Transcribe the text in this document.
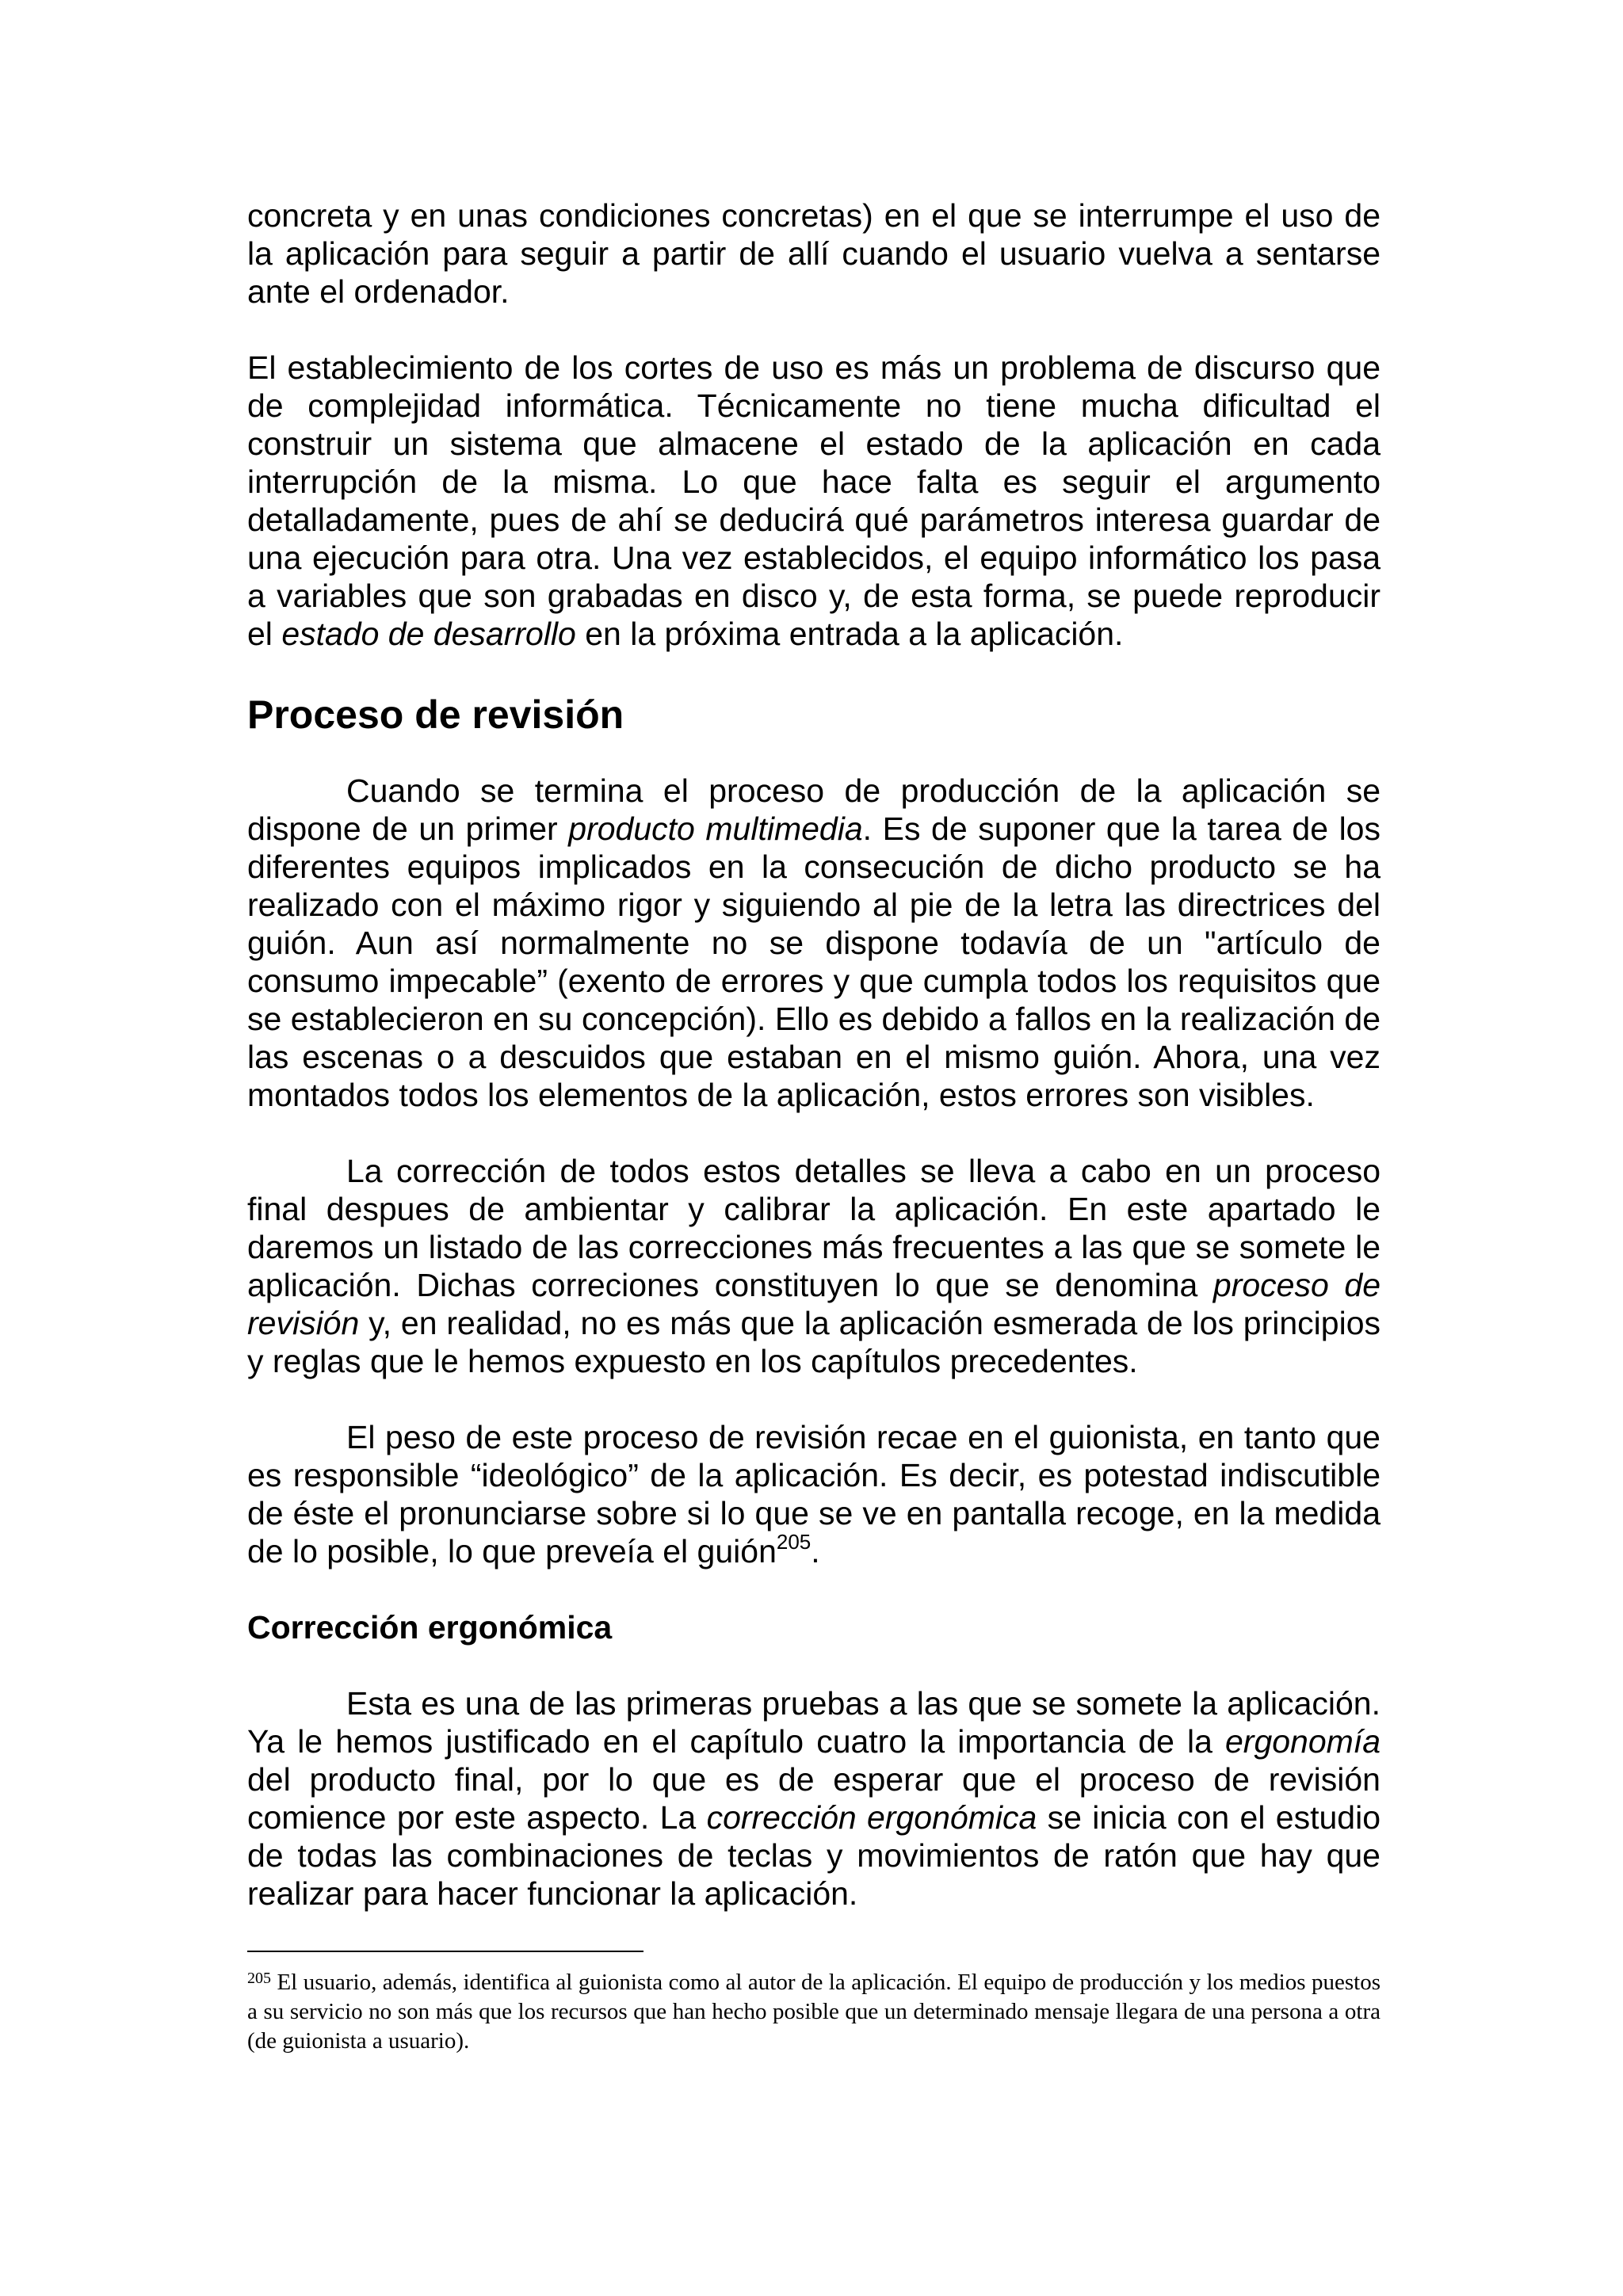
concreta y en unas condiciones concretas) en el que se interrumpe el uso de la aplicación para seguir a partir de allí cuando el usuario vuelva a sentarse ante el ordenador.

El establecimiento de los cortes de uso es más un problema de discurso que de complejidad informática. Técnicamente no tiene mucha dificultad el construir un sistema que almacene el estado de la aplicación en cada interrupción de la misma. Lo que hace falta es seguir el argumento detalladamente, pues de ahí se deducirá qué parámetros interesa guardar de una ejecución para otra. Una vez establecidos, el equipo informático los pasa a variables que son grabadas en disco y, de esta forma, se puede reproducir el estado de desarrollo en la próxima entrada a la aplicación.

Proceso de revisión

Cuando se termina el proceso de producción de la aplicación se dispone de un primer producto multimedia. Es de suponer que la tarea de los diferentes equipos implicados en la consecución de dicho producto se ha realizado con el máximo rigor y siguiendo al pie de la letra las directrices del guión. Aun así normalmente no se dispone todavía de un "artículo de consumo impecable” (exento de errores y que cumpla todos los requisitos que se establecieron en su concepción). Ello es debido a fallos en la realización de las escenas o a descuidos que estaban en el mismo guión. Ahora, una vez montados todos los elementos de la aplicación, estos errores son visibles.

La corrección de todos estos detalles se lleva a cabo en un proceso final despues de ambientar y calibrar la aplicación. En este apartado le daremos un listado de las correcciones más frecuentes a las que se somete le aplicación. Dichas correciones constituyen lo que se denomina proceso de revisión y, en realidad, no es más que la aplicación esmerada de los principios y reglas que le hemos expuesto en los capítulos precedentes.

El peso de este proceso de revisión recae en el guionista, en tanto que es responsible “ideológico” de la aplicación. Es decir, es potestad indiscutible de éste el pronunciarse sobre si lo que se ve en pantalla recoge, en la medida de lo posible, lo que preveía el guión$^{205}$.

Corrección ergonómica

Esta es una de las primeras pruebas a las que se somete la aplicación. Ya le hemos justificado en el capítulo cuatro la importancia de la ergonomía del producto final, por lo que es de esperar que el proceso de revisión comience por este aspecto. La corrección ergonómica se inicia con el estudio de todas las combinaciones de teclas y movimientos de ratón que hay que realizar para hacer funcionar la aplicación.

$^{205}$ El usuario, además, identifica al guionista como al autor de la aplicación. El equipo de producción y los medios puestos a su servicio no son más que los recursos que han hecho posible que un determinado mensaje llegara de una persona a otra (de guionista a usuario).
